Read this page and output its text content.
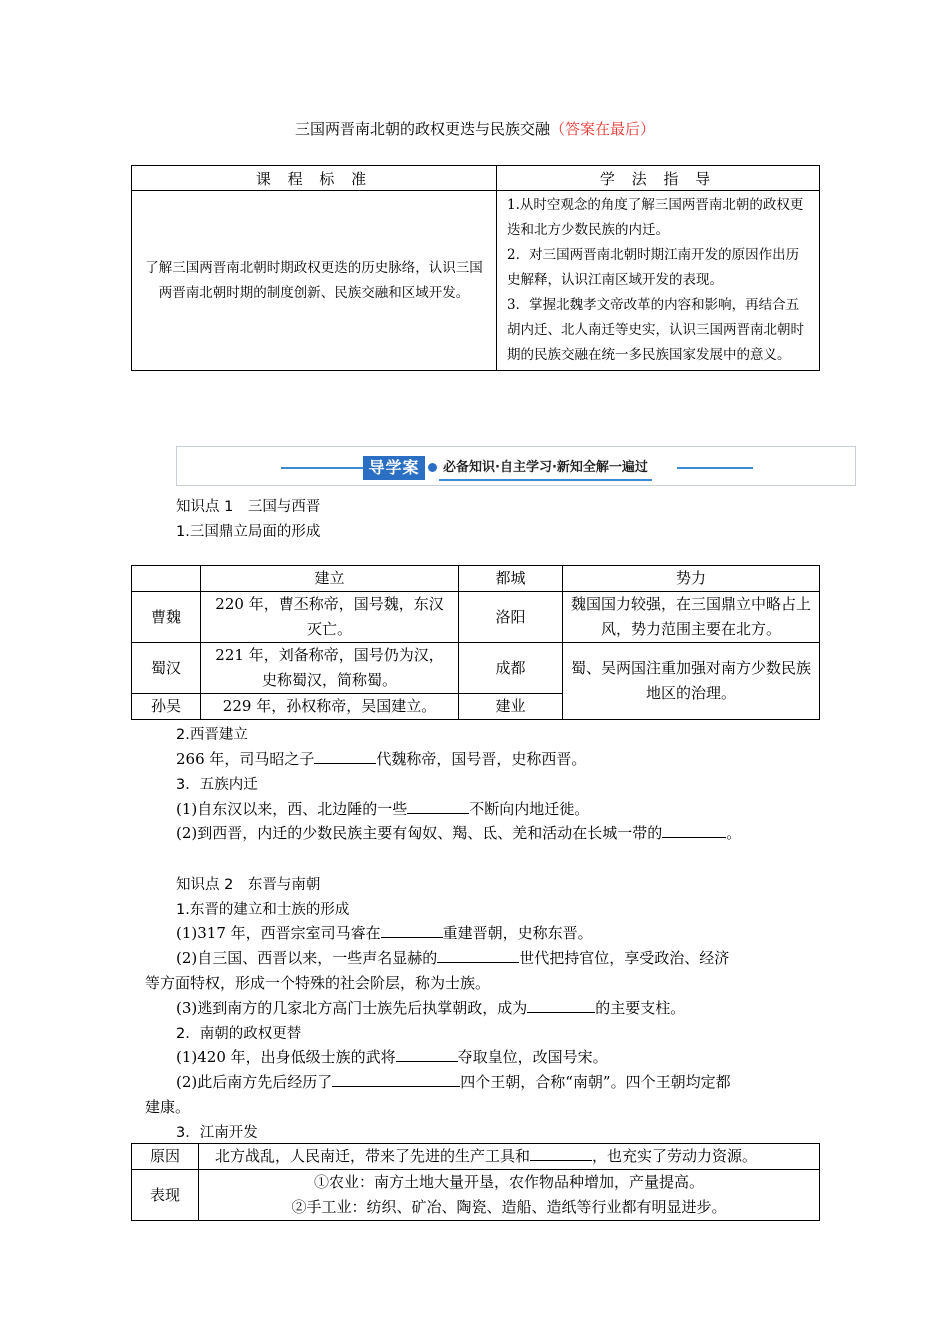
三国两晋南北朝的政权更迭与民族交融（答案在最后）
课 程 标 准	学 法 指 导
了解三国两晋南北朝时期政权更迭的历史脉络，认识三国两晋南北朝时期的制度创新、民族交融和区域开发。	1.从时空观念的角度了解三国两晋南北朝的政权更迭和北方少数民族的内迁。

2．对三国两晋南北朝时期江南开发的原因作出历史解释，认识江南区域开发的表现。

3．掌握北魏孝文帝改革的内容和影响，再结合五胡内迁、北人南迁等史实，认识三国两晋南北朝时期的民族交融在统一多民族国家发展中的意义。

导学案	必备知识·自主学习·新知全解一遍过
知识点 1　三国与西晋
1.三国鼎立局面的形成
	建立	都城	势力
曹魏	220 年，曹丕称帝，国号魏，东汉灭亡。	洛阳	魏国国力较强，在三国鼎立中略占上风，势力范围主要在北方。
蜀汉	221 年，刘备称帝，国号仍为汉，史称蜀汉，简称蜀。	成都	蜀、吴两国注重加强对南方少数民族地区的治理。
孙吴	229 年，孙权称帝，吴国建立。	建业	
2.西晋建立
266 年，司马昭之子	代魏称帝，国号晋，史称西晋。
3．五族内迁
(1)自东汉以来，西、北边陲的一些	不断向内地迁徙。
(2)到西晋，内迁的少数民族主要有匈奴、羯、氐、羌和活动在长城一带的	。
知识点 2　东晋与南朝
1.东晋的建立和士族的形成
(1)317 年，西晋宗室司马睿在	重建晋朝，史称东晋。
(2)自三国、西晋以来，一些声名显赫的	世代把持官位，享受政治、经济
等方面特权，形成一个特殊的社会阶层，称为士族。
(3)逃到南方的几家北方高门士族先后执掌朝政，成为	的主要支柱。
2．南朝的政权更替
(1)420 年，出身低级士族的武将	夺取皇位，改国号宋。
(2)此后南方先后经历了	四个王朝，合称“南朝”。四个王朝均定都
建康。
3．江南开发
原因	北方战乱，人民南迁，带来了先进的生产工具和 ，也充实了劳动力资源。
表现	①农业：南方土地大量开垦，农作物品种增加，产量提高。
②手工业：纺织、矿冶、陶瓷、造船、造纸等行业都有明显进步。
